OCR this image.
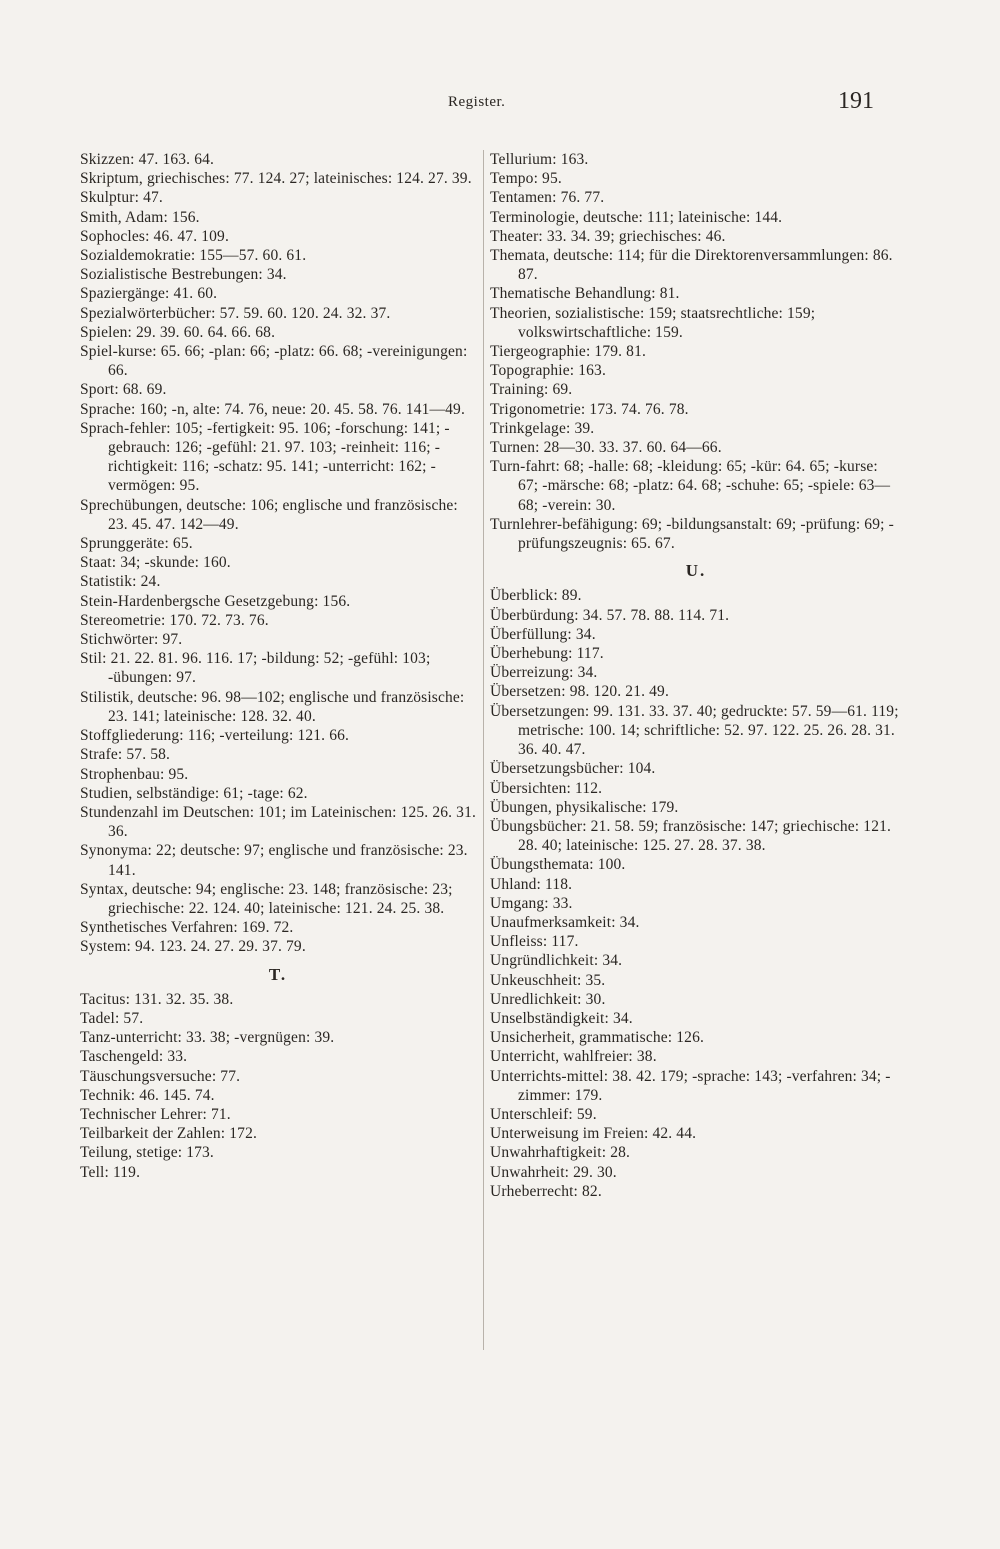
Register.	191

Skizzen: 47. 163. 64.

Skriptum, griechisches: 77. 124. 27; lateinisches: 124. 27. 39.

Skulptur: 47.

Smith, Adam: 156.

Sophocles: 46. 47. 109.

Sozialdemokratie: 155—57. 60. 61.

Sozialistische Bestrebungen: 34.

Spaziergänge: 41. 60.

Spezialwörterbücher: 57. 59. 60. 120. 24. 32. 37.

Spielen: 29. 39. 60. 64. 66. 68.

Spiel-kurse: 65. 66; -plan: 66; -platz: 66. 68; -vereinigungen: 66.

Sport: 68. 69.

Sprache: 160; -n, alte: 74. 76, neue: 20. 45. 58. 76. 141—49.

Sprach-fehler: 105; -fertigkeit: 95. 106; -forschung: 141; -gebrauch: 126; -gefühl: 21. 97. 103; -reinheit: 116; -richtigkeit: 116; -schatz: 95. 141; -unterricht: 162; -vermögen: 95.

Sprechübungen, deutsche: 106; englische und französische: 23. 45. 47. 142—49.

Sprunggeräte: 65.

Staat: 34; -skunde: 160.

Statistik: 24.

Stein-Hardenbergsche Gesetzgebung: 156.

Stereometrie: 170. 72. 73. 76.

Stichwörter: 97.

Stil: 21. 22. 81. 96. 116. 17; -bildung: 52; -gefühl: 103; -übungen: 97.

Stilistik, deutsche: 96. 98—102; englische und französische: 23. 141; lateinische: 128. 32. 40.

Stoffgliederung: 116; -verteilung: 121. 66.

Strafe: 57. 58.

Strophenbau: 95.

Studien, selbständige: 61; -tage: 62.

Stundenzahl im Deutschen: 101; im Lateinischen: 125. 26. 31. 36.

Synonyma: 22; deutsche: 97; englische und französische: 23. 141.

Syntax, deutsche: 94; englische: 23. 148; französische: 23; griechische: 22. 124. 40; lateinische: 121. 24. 25. 38.

Synthetisches Verfahren: 169. 72.

System: 94. 123. 24. 27. 29. 37. 79.

T.

Tacitus: 131. 32. 35. 38.

Tadel: 57.

Tanz-unterricht: 33. 38; -vergnügen: 39.

Taschengeld: 33.

Täuschungsversuche: 77.

Technik: 46. 145. 74.

Technischer Lehrer: 71.

Teilbarkeit der Zahlen: 172.

Teilung, stetige: 173.

Tell: 119.

Tellurium: 163.

Tempo: 95.

Tentamen: 76. 77.

Terminologie, deutsche: 111; lateinische: 144.

Theater: 33. 34. 39; griechisches: 46.

Themata, deutsche: 114; für die Direktorenversammlungen: 86. 87.

Thematische Behandlung: 81.

Theorien, sozialistische: 159; staatsrechtliche: 159; volkswirtschaftliche: 159.

Tiergeographie: 179. 81.

Topographie: 163.

Training: 69.

Trigonometrie: 173. 74. 76. 78.

Trinkgelage: 39.

Turnen: 28—30. 33. 37. 60. 64—66.

Turn-fahrt: 68; -halle: 68; -kleidung: 65; -kür: 64. 65; -kurse: 67; -märsche: 68; -platz: 64. 68; -schuhe: 65; -spiele: 63—68; -verein: 30.

Turnlehrer-befähigung: 69; -bildungsanstalt: 69; -prüfung: 69; -prüfungszeugnis: 65. 67.

U.

Überblick: 89.

Überbürdung: 34. 57. 78. 88. 114. 71.

Überfüllung: 34.

Überhebung: 117.

Überreizung: 34.

Übersetzen: 98. 120. 21. 49.

Übersetzungen: 99. 131. 33. 37. 40; gedruckte: 57. 59—61. 119; metrische: 100. 14; schriftliche: 52. 97. 122. 25. 26. 28. 31. 36. 40. 47.

Übersetzungsbücher: 104.

Übersichten: 112.

Übungen, physikalische: 179.

Übungsbücher: 21. 58. 59; französische: 147; griechische: 121. 28. 40; lateinische: 125. 27. 28. 37. 38.

Übungsthemata: 100.

Uhland: 118.

Umgang: 33.

Unaufmerksamkeit: 34.

Unfleiss: 117.

Ungründlichkeit: 34.

Unkeuschheit: 35.

Unredlichkeit: 30.

Unselbständigkeit: 34.

Unsicherheit, grammatische: 126.

Unterricht, wahlfreier: 38.

Unterrichts-mittel: 38. 42. 179; -sprache: 143; -verfahren: 34; -zimmer: 179.

Unterschleif: 59.

Unterweisung im Freien: 42. 44.

Unwahrhaftigkeit: 28.

Unwahrheit: 29. 30.

Urheberrecht: 82.
